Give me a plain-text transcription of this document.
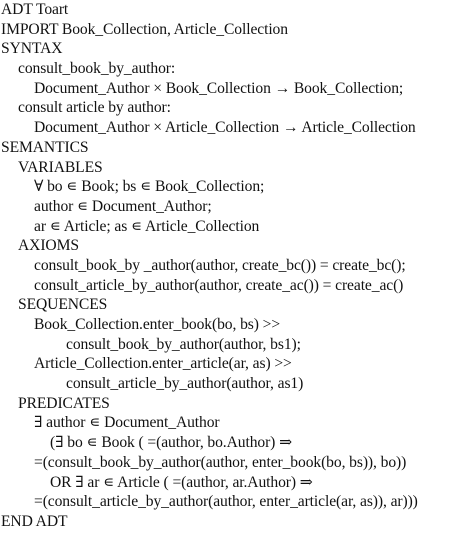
ADT Toart
IMPORT Book_Collection, Article_Collection
SYNTAX
consult_book_by_author:
Document_Author × Book_Collection → Book_Collection;
consult article by author:
Document_Author × Article_Collection → Article_Collection
SEMANTICS
VARIABLES
∀ bo ∊ Book; bs ∊ Book_Collection;
author ∊ Document_Author;
ar ∊ Article; as ∊ Article_Collection
AXIOMS
consult_book_by _author(author, create_bc()) = create_bc();
consult_article_by_author(author, create_ac()) = create_ac()
SEQUENCES
Book_Collection.enter_book(bo, bs) >>
consult_book_by_author(author, bs1);
Article_Collection.enter_article(ar, as) >>
consult_article_by_author(author, as1)
PREDICATES
∃ author ∊ Document_Author
(∃ bo ∊ Book ( =(author, bo.Author) ⇒
=(consult_book_by_author(author, enter_book(bo, bs)), bo))
OR ∃ ar ∊ Article ( =(author, ar.Author) ⇒
=(consult_article_by_author(author, enter_article(ar, as)), ar)))
END ADT
